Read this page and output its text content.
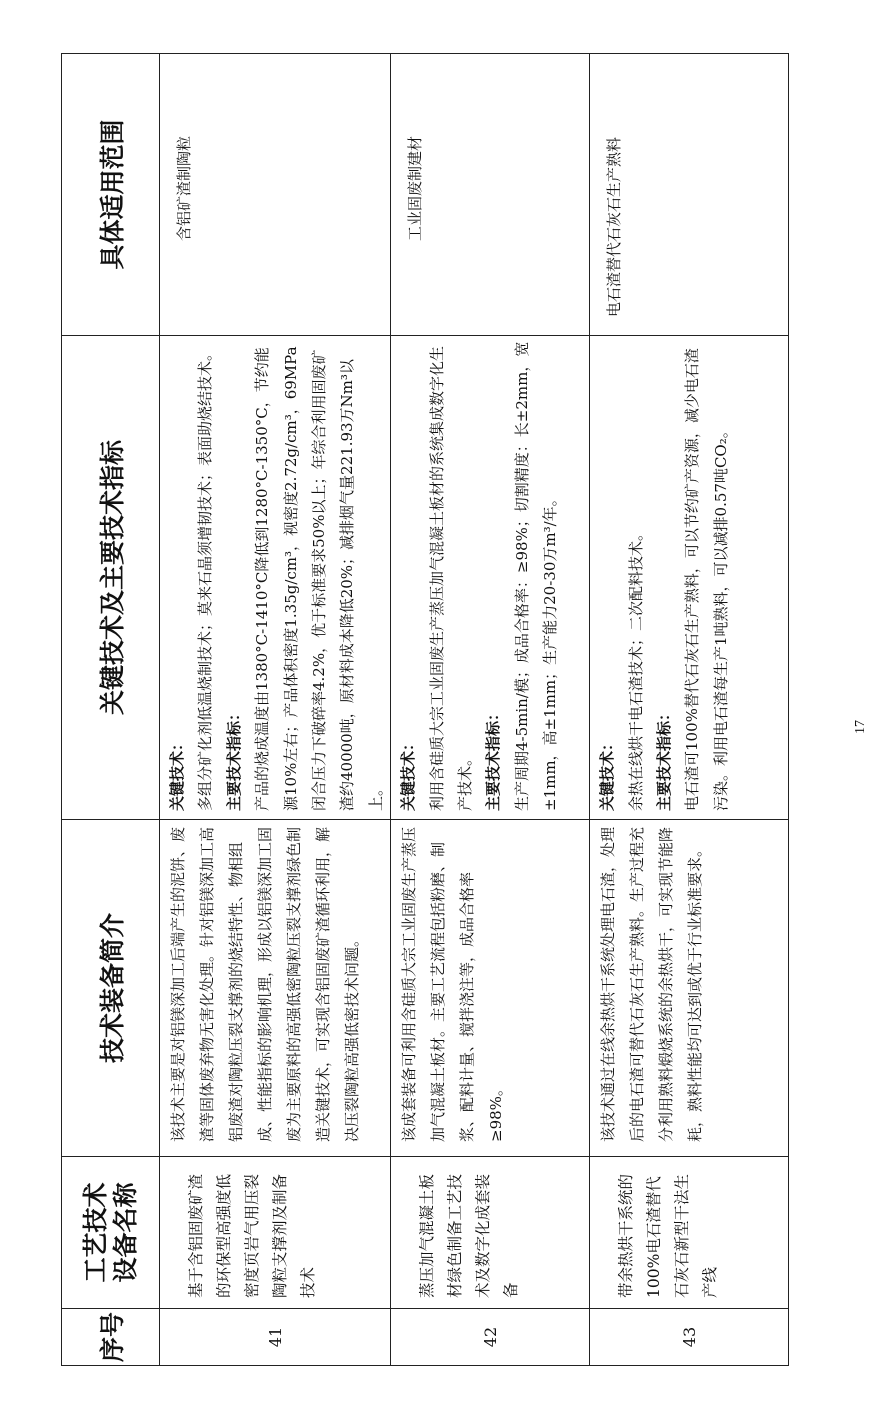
序号	工艺技术 设备名称	技术装备简介	关键技术及主要技术指标	具体适用范围
41	基于含铝固废矿渣的环保型高强度低密度页岩气用压裂陶粒支撑剂及制备技术	该技术主要是对铝镁深加工后端产生的泥饼、废渣等固体废弃物无害化处理。针对铝镁深加工高铝废渣对陶粒压裂支撑剂的烧结特性、物相组成、性能指标的影响机理，形成以铝镁深加工固废为主要原料的高强低密陶粒压裂支撑剂绿色制造关键技术，可实现含铝固废矿渣循环利用，解决压裂陶粒高强低密技术问题。	关键技术： 多组分矿化剂低温烧制技术；莫来石晶须增韧技术；表面助烧结技术。 主要技术指标： 产品的烧成温度由1380°C-1410°C降低到1280°C-1350°C，节约能源10%左右；产品体积密度1.35g/cm³，视密度2.72g/cm³，69MPa闭合压力下破碎率4.2%，优于标准要求50%以上；年综合利用固废矿渣约40000吨，原材料成本降低20%；减排烟气量221.93万Nm³以上。	含铝矿渣制陶粒
42	蒸压加气混凝土板材绿色制备工艺技术及数字化成套装备	该成套装备可利用含硅质大宗工业固废生产蒸压加气混凝土板材。主要工艺流程包括粉磨、制浆、配料计量、搅拌浇注等，成品合格率≥98%。	关键技术： 利用含硅质大宗工业固废生产蒸压加气混凝土板材的系统集成数字化生产技术。 主要技术指标： 生产周期4-5min/模；成品合格率：≥98%；切割精度：长±2mm，宽±1mm，高±1mm；生产能力20-30万m³/年。	工业固废制建材
43	带余热烘干系统的100%电石渣替代石灰石新型干法生产线	该技术通过在线余热烘干系统处理电石渣，处理后的电石渣可替代石灰石生产熟料。生产过程充分利用熟料煅烧系统的余热烘干，可实现节能降耗，熟料性能均可达到或优于行业标准要求。	关键技术： 余热在线烘干电石渣技术；二次配料技术。 主要技术指标： 电石渣可100%替代石灰石生产熟料，可以节约矿产资源，减少电石渣污染。利用电石渣每生产1吨熟料，可以减排0.57吨CO₂。	电石渣替代石灰石生产熟料
17
